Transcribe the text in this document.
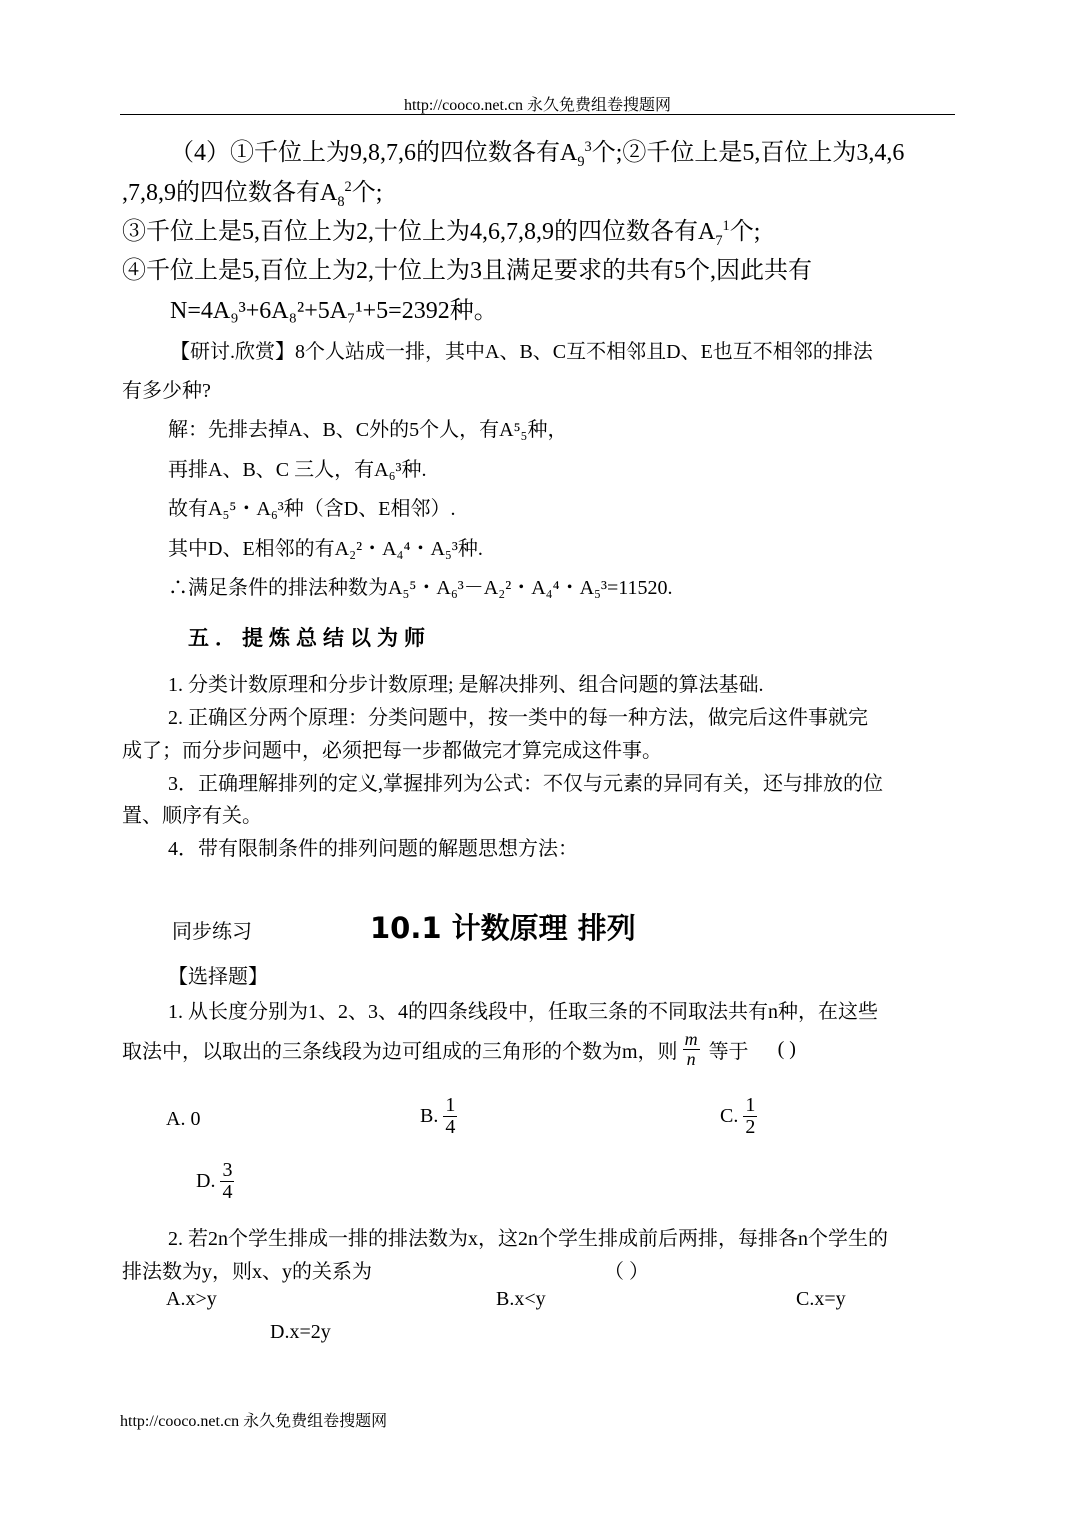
http://cooco.net.cn 永久免费组卷搜题网
（4）①千位上为9,8,7,6的四位数各有$A_9^3$个;②千位上是5,百位上为3,4,6
,7,8,9的四位数各有$A_8^2$个;
③千位上是5,百位上为2,十位上为4,6,7,8,9的四位数各有$A_7^1$个;
④千位上是5,百位上为2,十位上为3且满足要求的共有5个,因此共有
N=4A₉³+6A₈²+5A₇¹+5=2392种。
【研讨.欣赏】8个人站成一排，其中A、B、C互不相邻且D、E也互不相邻的排法
有多少种?
解：先排去掉A、B、C外的5个人，有A⁵₅种，
再排A、B、C 三人，有A₆³种.
故有A₅⁵・A₆³种（含D、E相邻）.
其中D、E相邻的有A₂²・A₄⁴・A₅³种.
∴满足条件的排法种数为A₅⁵・A₆³－A₂²・A₄⁴・A₅³=11520.
五．提炼总结以为师
1. 分类计数原理和分步计数原理; 是解决排列、组合问题的算法基础.
2. 正确区分两个原理：分类问题中，按一类中的每一种方法，做完后这件事就完
成了；而分步问题中，必须把每一步都做完才算完成这件事。
3．正确理解排列的定义,掌握排列为公式：不仅与元素的异同有关，还与排放的位
置、顺序有关。
4．带有限制条件的排列问题的解题思想方法：
同步练习	10.1 计数原理 排列
【选择题】
1. 从长度分别为1、2、3、4的四条线段中，任取三条的不同取法共有n种，在这些
取法中，以取出的三条线段为边可组成的三角形的个数为m，则 $\frac{m}{n}$ 等于 ( )
A. 0	B. $\frac{1}{4}$	C. $\frac{1}{2}$
D. $\frac{3}{4}$
2. 若2n个学生排成一排的排法数为x，这2n个学生排成前后两排，每排各n个学生的
排法数为y，则x、y的关系为	（ ）
A.x>y	B.x<y	C.x=y
D.x=2y
http://cooco.net.cn 永久免费组卷搜题网
